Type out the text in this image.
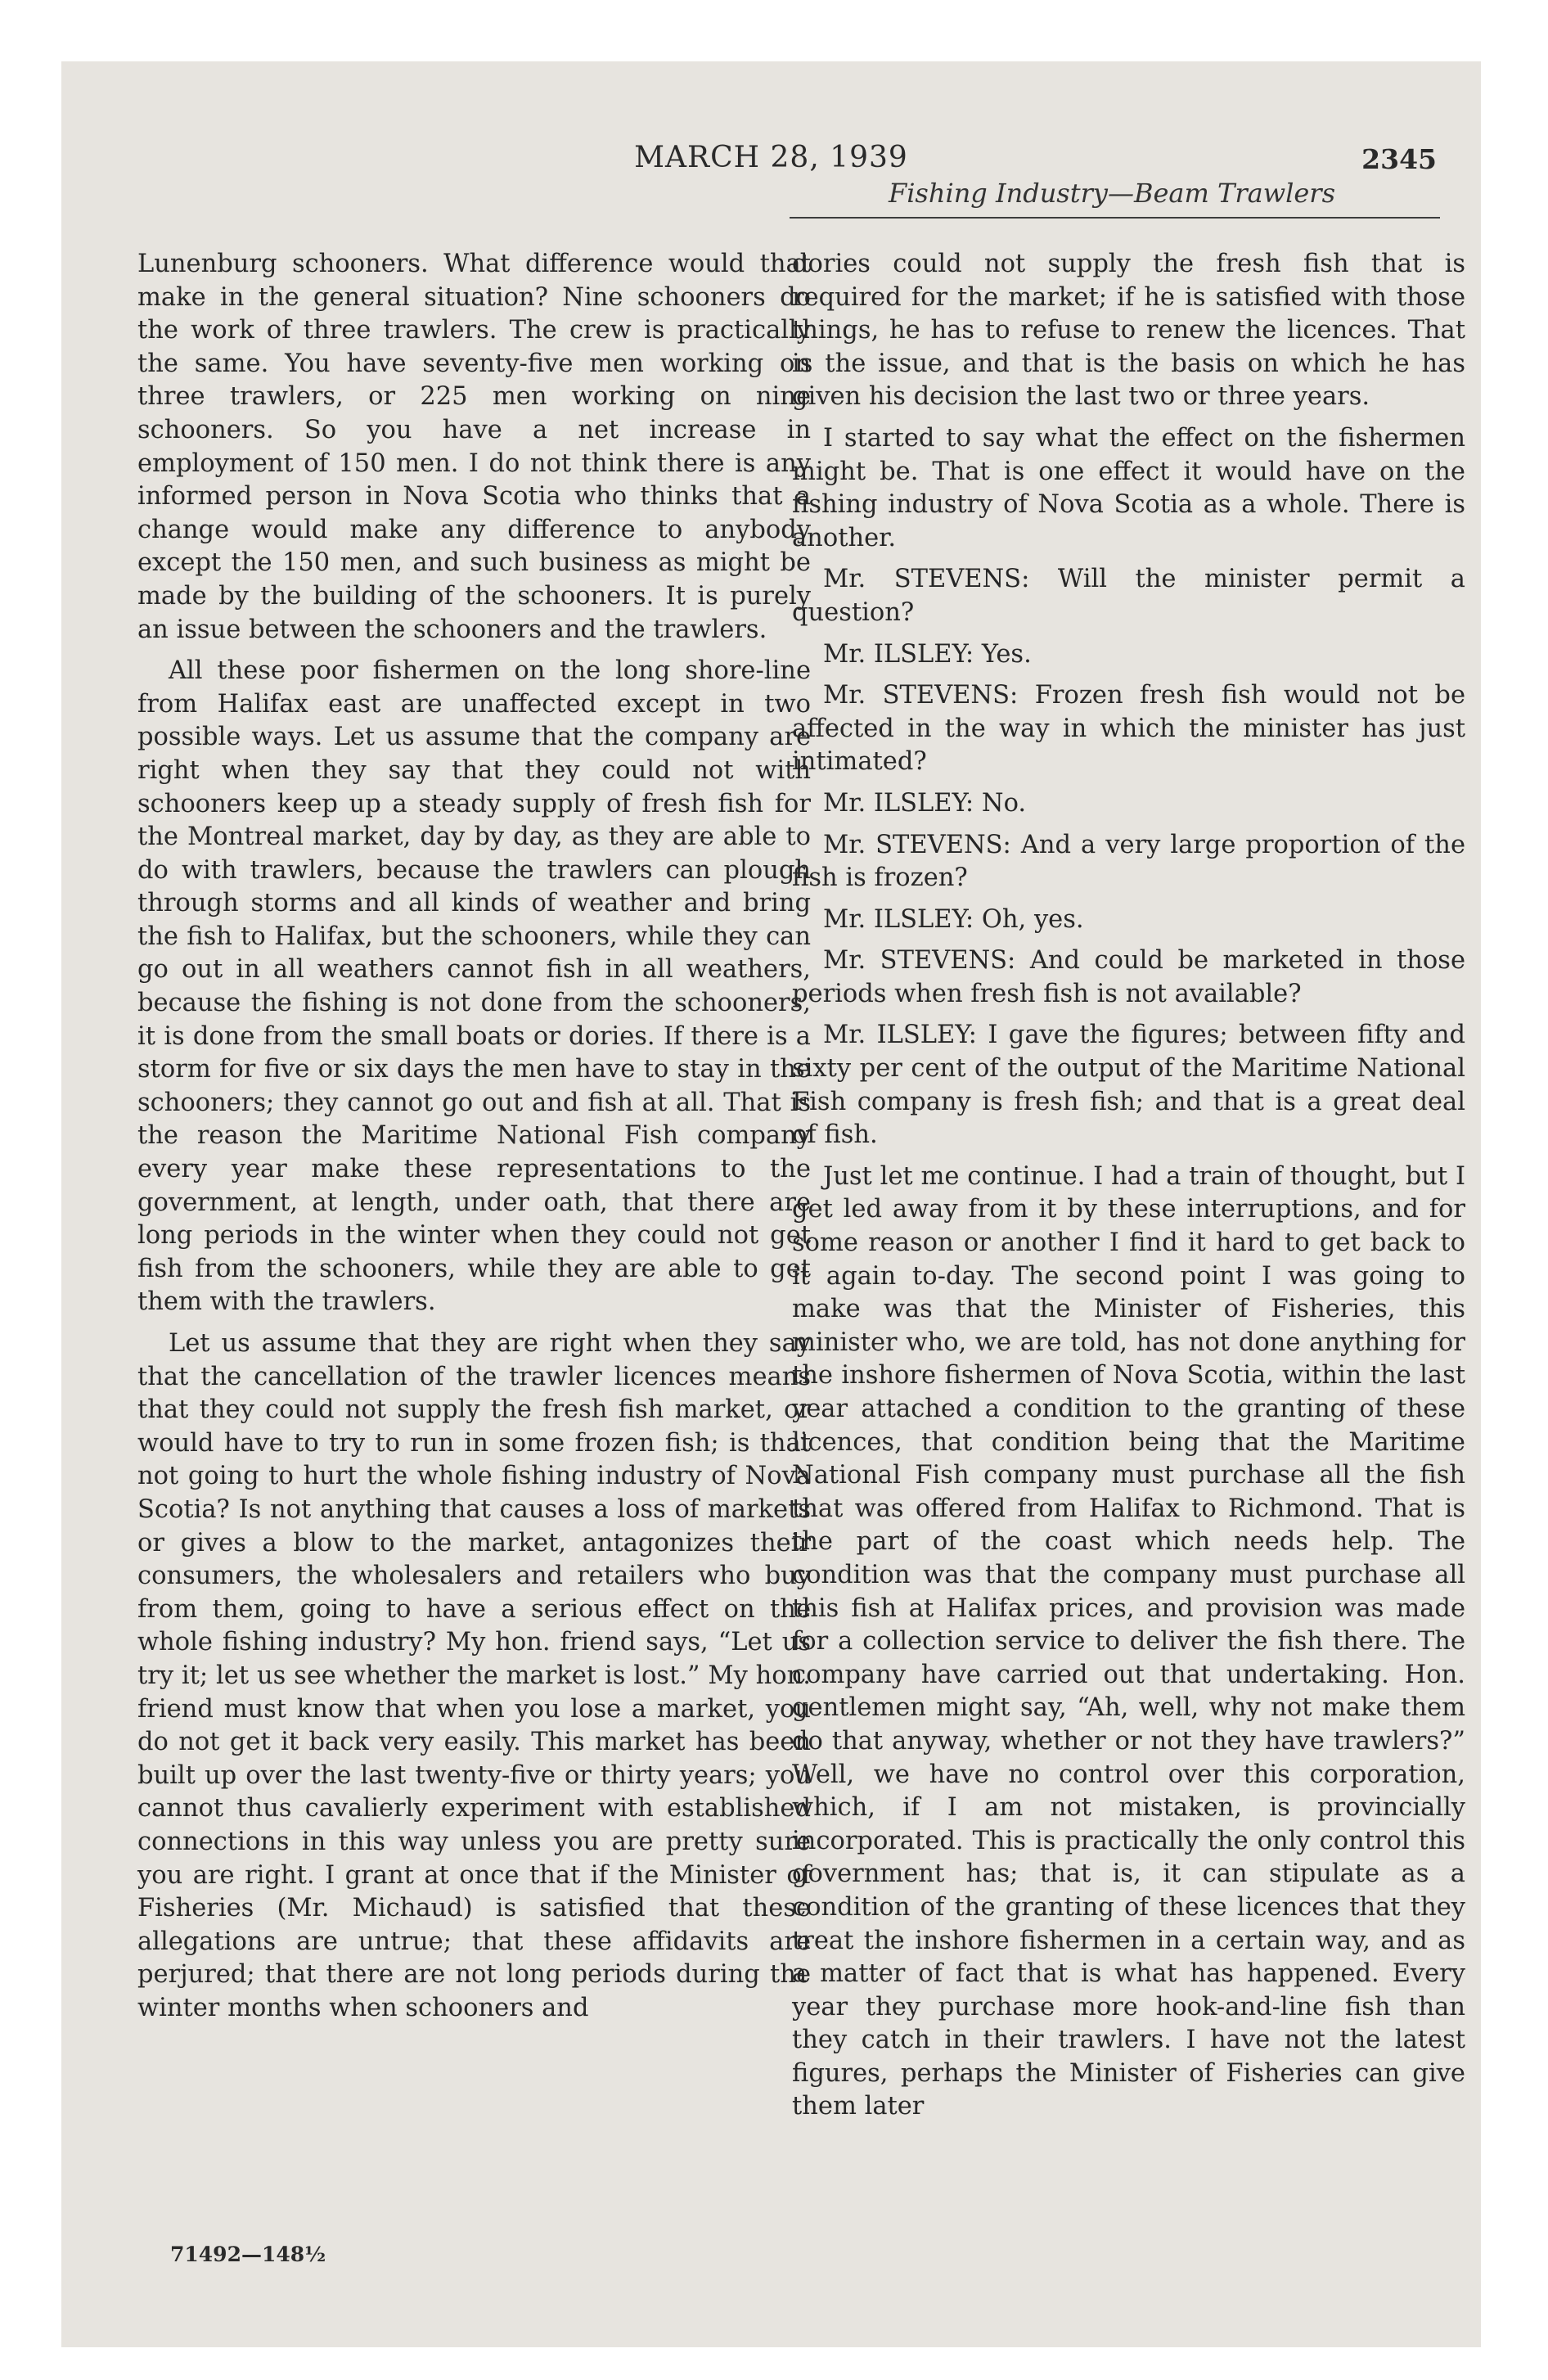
MARCH 28, 1939	2345
Fishing Industry—Beam Trawlers

Lunenburg schooners. What difference would that make in the general situation? Nine schooners do the work of three trawlers. The crew is practically the same. You have seventy-five men working on three trawlers, or 225 men working on nine schooners. So you have a net increase in employment of 150 men. I do not think there is any informed person in Nova Scotia who thinks that a change would make any difference to anybody except the 150 men, and such business as might be made by the building of the schooners. It is purely an issue between the schooners and the trawlers.

All these poor fishermen on the long shore-line from Halifax east are unaffected except in two possible ways. Let us assume that the company are right when they say that they could not with schooners keep up a steady supply of fresh fish for the Montreal market, day by day, as they are able to do with trawlers, because the trawlers can plough through storms and all kinds of weather and bring the fish to Halifax, but the schooners, while they can go out in all weathers cannot fish in all weathers, because the fishing is not done from the schooners, it is done from the small boats or dories. If there is a storm for five or six days the men have to stay in the schooners; they cannot go out and fish at all. That is the reason the Maritime National Fish company every year make these representations to the government, at length, under oath, that there are long periods in the winter when they could not get fish from the schooners, while they are able to get them with the trawlers.

Let us assume that they are right when they say that the cancellation of the trawler licences means that they could not supply the fresh fish market, or would have to try to run in some frozen fish; is that not going to hurt the whole fishing industry of Nova Scotia? Is not anything that causes a loss of markets or gives a blow to the market, antagonizes their consumers, the wholesalers and retailers who buy from them, going to have a serious effect on the whole fishing industry? My hon. friend says, “Let us try it; let us see whether the market is lost.” My hon. friend must know that when you lose a market, you do not get it back very easily. This market has been built up over the last twenty-five or thirty years; you cannot thus cavalierly experiment with established connections in this way unless you are pretty sure you are right. I grant at once that if the Minister of Fisheries (Mr. Michaud) is satisfied that these allegations are untrue; that these affidavits are perjured; that there are not long periods during the winter months when schooners and

dories could not supply the fresh fish that is required for the market; if he is satisfied with those things, he has to refuse to renew the licences. That is the issue, and that is the basis on which he has given his decision the last two or three years.

I started to say what the effect on the fishermen might be. That is one effect it would have on the fishing industry of Nova Scotia as a whole. There is another.

Mr. STEVENS: Will the minister permit a question?

Mr. ILSLEY: Yes.

Mr. STEVENS: Frozen fresh fish would not be affected in the way in which the minister has just intimated?

Mr. ILSLEY: No.

Mr. STEVENS: And a very large proportion of the fish is frozen?

Mr. ILSLEY: Oh, yes.

Mr. STEVENS: And could be marketed in those periods when fresh fish is not available?

Mr. ILSLEY: I gave the figures; between fifty and sixty per cent of the output of the Maritime National Fish company is fresh fish; and that is a great deal of fish.

Just let me continue. I had a train of thought, but I get led away from it by these interruptions, and for some reason or another I find it hard to get back to it again to-day. The second point I was going to make was that the Minister of Fisheries, this minister who, we are told, has not done anything for the inshore fishermen of Nova Scotia, within the last year attached a condition to the granting of these licences, that condition being that the Maritime National Fish company must purchase all the fish that was offered from Halifax to Richmond. That is the part of the coast which needs help. The condition was that the company must purchase all this fish at Halifax prices, and provision was made for a collection service to deliver the fish there. The company have carried out that undertaking. Hon. gentlemen might say, “Ah, well, why not make them do that anyway, whether or not they have trawlers?” Well, we have no control over this corporation, which, if I am not mistaken, is provincially incorporated. This is practically the only control this government has; that is, it can stipulate as a condition of the granting of these licences that they treat the inshore fishermen in a certain way, and as a matter of fact that is what has happened. Every year they purchase more hook-and-line fish than they catch in their trawlers. I have not the latest figures, perhaps the Minister of Fisheries can give them later

71492—148½
